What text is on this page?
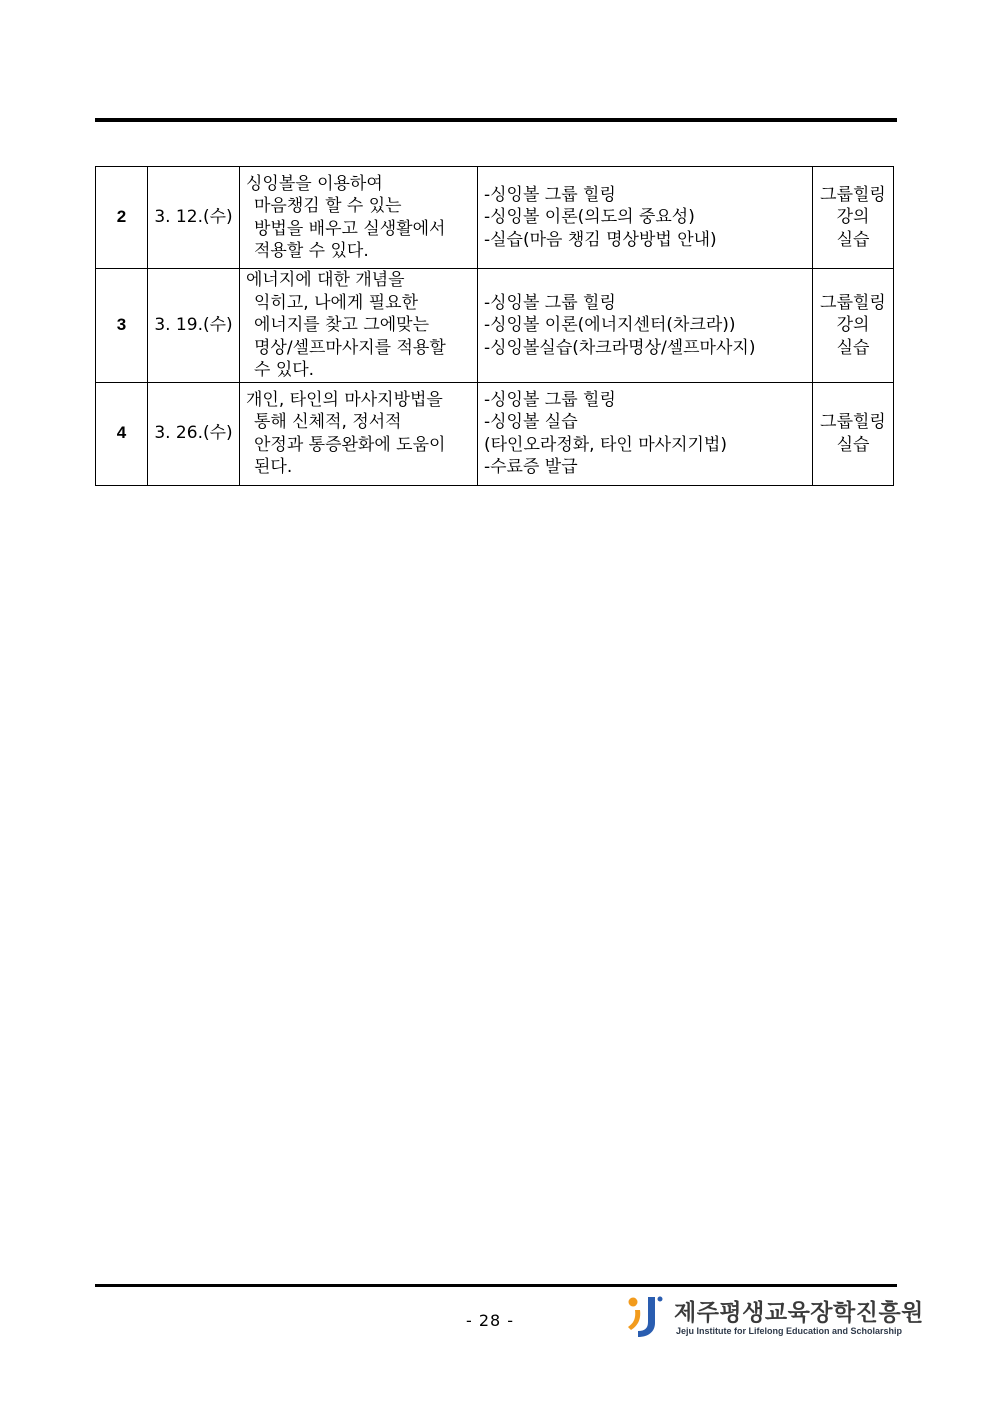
2	3. 12.(수)	싱잉볼을 이용하여
마음챙김 할 수 있는
방법을 배우고 실생활에서
적용할 수 있다.	-싱잉볼 그룹 힐링
-싱잉볼 이론(의도의 중요성)
-실습(마음 챙김 명상방법 안내)	그룹힐링
강의
실습

3	3. 19.(수)	에너지에 대한 개념을
익히고, 나에게 필요한
에너지를 찾고 그에맞는
명상/셀프마사지를 적용할
수 있다.	-싱잉볼 그룹 힐링
-싱잉볼 이론(에너지센터(차크라))
-싱잉볼실습(차크라명상/셀프마사지)	그룹힐링
강의
실습

4	3. 26.(수)	개인, 타인의 마사지방법을
통해 신체적, 정서적
안정과 통증완화에 도움이
된다.	-싱잉볼 그룹 힐링
-싱잉볼 실습
(타인오라정화, 타인 마사지기법)
-수료증 발급	그룹힐링
실습
- 28 -	제주평생교육장학진흥원
Jeju Institute for Lifelong Education and Scholarship
